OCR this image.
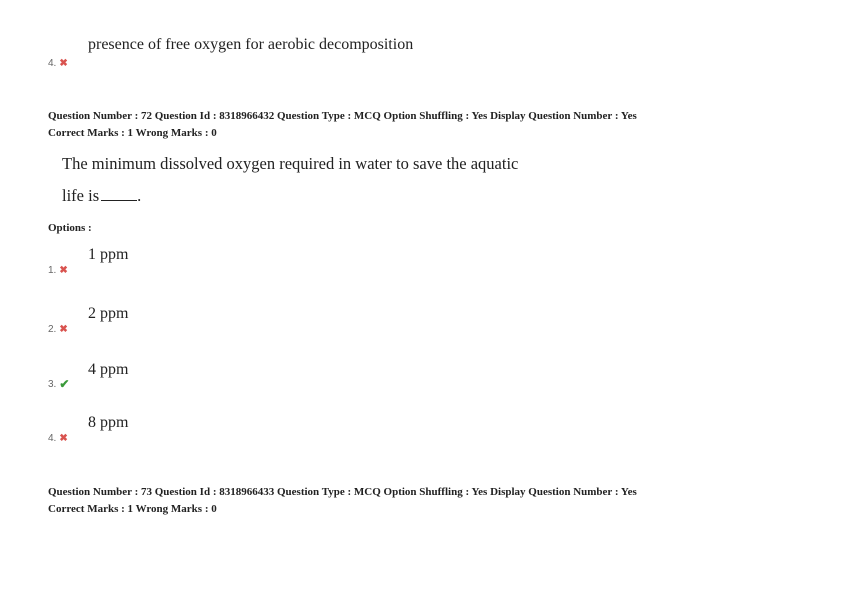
presence of free oxygen for aerobic decomposition
4. ✖
Question Number : 72 Question Id : 8318966432 Question Type : MCQ Option Shuffling : Yes Display Question Number : Yes
Correct Marks : 1 Wrong Marks : 0
The minimum dissolved oxygen required in water to save the aquatic
life is .
Options :
1 ppm
1. ✖
2 ppm
2. ✖
4 ppm
3. ✔
8 ppm
4. ✖
Question Number : 73 Question Id : 8318966433 Question Type : MCQ Option Shuffling : Yes Display Question Number : Yes
Correct Marks : 1 Wrong Marks : 0
